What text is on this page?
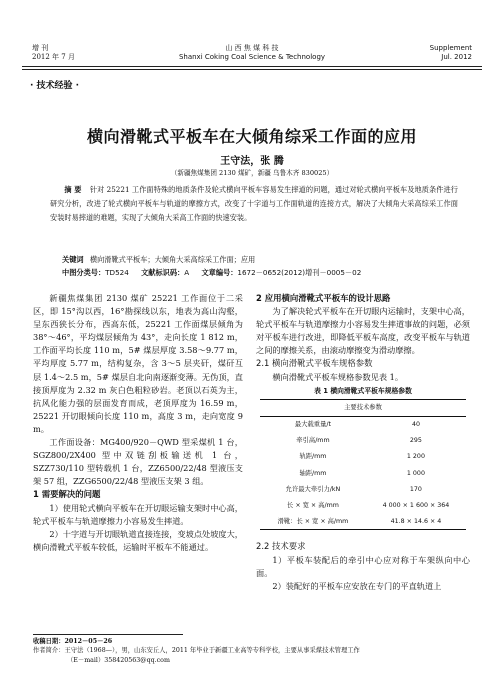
增 刊
2012 年 7 月
山 西 焦 煤 科 技
Shanxi Coking Coal Science & Technology
Supplement
Jul. 2012
· 技术经验 ·
横向滑靴式平板车在大倾角综采工作面的应用
王守法，张 腾
（新疆焦煤集团 2130 煤矿，新疆 乌鲁木齐 830025）
摘 要 针对 25221 工作面特殊的地质条件及轮式横向平板车容易发生摔道的问题，通过对轮式横向平板车及地质条件进行研究分析，改进了轮式横向平板车与轨道的摩擦方式，改变了十字道与工作面轨道的连接方式，解决了大倾角大采高综采工作面安装时易摔道的难题，实现了大倾角大采高工作面的快速安装。
关键词 横向滑靴式平板车；大倾角大采高综采工作面；应用
中图分类号：TD524 文献标识码：A 文章编号：1672－0652(2012)增刊－0005－02

新疆焦煤集团 2130 煤矿 25221 工作面位于二采区，即 15°沟以西，16°勘探线以东，地表为高山沟壑，呈东西狭长分布，西高东低，25221 工作面煤层倾角为 38°～46°，平均煤层倾角为 43°，走向长度 1 812 m，工作面平均长度 110 m，5# 煤层厚度 3.58～9.77 m，平均厚度 5.77 m，结构复杂，含 3～5 层夹矸，煤矸互层 1.4～2.5 m，5# 煤层自北向南逐渐变薄。无伪顶，直接顶厚度为 2.32 m 灰白色粗粒砂岩。老顶以石英为主，抗风化能力强的层面发育而成，老顶厚度为 16.59 m，25221 开切眼倾向长度 110 m，高度 3 m，走向宽度 9 m。

工作面设备：MG400/920－QWD 型采煤机 1 台，SGZ800/2X400 型中双链刮板输送机 1 台，SZZ730/110 型转载机 1 台，ZZ6500/22/48 型液压支架 57 组，ZZG6500/22/48 型液压支架 3 组。

1 需要解决的问题

1）使用轮式横向平板车在开切眼运输支架时中心高，轮式平板车与轨道摩擦力小容易发生摔道。

2）十字道与开切眼轨道直接连接，变坡点处坡度大，横向滑靴式平板车较低，运输时平板车不能通过。

2 应用横向滑靴式平板车的设计思路

为了解决轮式平板车在开切眼内运输时，支架中心高，轮式平板车与轨道摩擦力小容易发生摔道事故的问题，必须对平板车进行改进，即降低平板车高度，改变平板车与轨道之间的摩擦关系，由滚动摩擦变为滑动摩擦。

2.1 横向滑靴式平板车规格参数

横向滑靴式平板车规格参数见表 1。

表 1 横向滑靴式平板车规格参数
主要技术参数	
最大载重量/t	40
牵引高/mm	295
轨距/mm	1 200
轴距/mm	1 000
允许最大牵引力/kN	170
长 × 宽 × 高/mm	4 000 × 1 600 × 364
滑靴：长 × 宽 × 高/mm	41.8 × 14.6 × 4

2.2 技术要求

1）平板车装配后的牵引中心应对称于车架纵向中心面。

2）装配好的平板车应安放在专门的平直轨道上

收稿日期：2012－05－26
作者简介：王守法（1968—），男，山东安丘人，2011 年毕业于新疆工业高等专科学校，主要从事采煤技术管理工作
（E－mail）358420563@qq.com
